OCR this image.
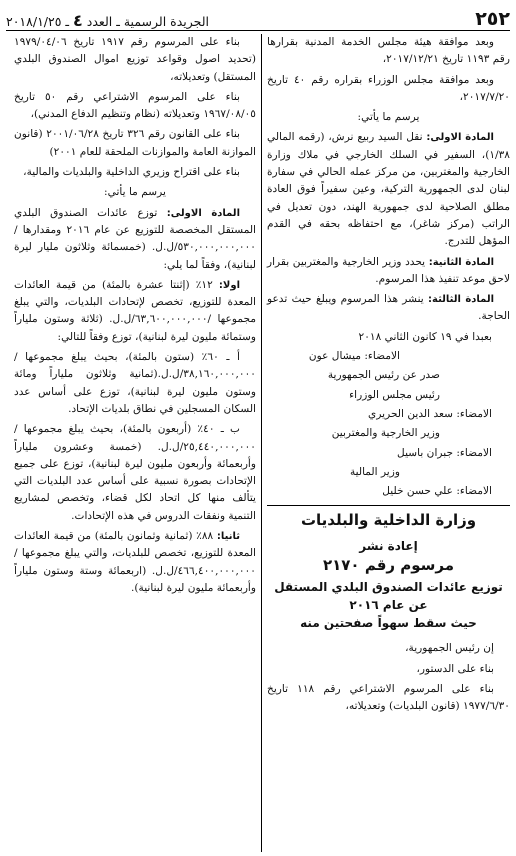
٢٥٢
الجريدة الرسمية ـ العدد ٤ ـ ٢٠١٨/١/٢٥

وبعد موافقة هيئة مجلس الخدمة المدنية بقرارها رقم ١١٩٣ تاريخ ٢٠١٧/١٢/٢١،

وبعد موافقة مجلس الوزراء بقراره رقم ٤٠ تاريخ ٢٠١٧/٧/٢٠،

يرسم ما يأتي:

المادة الاولى: نقل السيد ربيع نرش، (رقمه المالي ١/٣٨)، السفير في السلك الخارجي في ملاك وزارة الخارجية والمغتربين، من مركز عمله الحالي في سفارة لبنان لدى الجمهورية التركية، وعين سفيراً فوق العادة مطلق الصلاحية لدى جمهورية الهند، دون تعديل في الراتب (مركز شاغر)، مع احتفاظه بحقه في القدم المؤهل للتدرج.

المادة الثانية: يحدد وزير الخارجية والمغتربين بقرار لاحق موعد تنفيذ هذا المرسوم.

المادة الثالثة: ينشر هذا المرسوم ويبلغ حيث تدعو الحاجة.

بعبدا في ١٩ كانون الثاني ٢٠١٨

الامضاء: ميشال عون

صدر عن رئيس الجمهورية

رئيس مجلس الوزراء

الامضاء: سعد الدين الحريري

وزير الخارجية والمغتربين

الامضاء: جبران باسيل

وزير المالية

الامضاء: علي حسن خليل

وزارة الداخلية والبلديات
إعادة نشر
مرسوم رقم ٢١٧٠
توزيع عائدات الصندوق البلدي المستقل عن عام ٢٠١٦
حيث سقط سهواً صفحتين منه

إن رئيس الجمهورية،

بناء على الدستور،

بناء على المرسوم الاشتراعي رقم ١١٨ تاريخ ١٩٧٧/٦/٣٠ (قانون البلديات) وتعديلاته،

بناء على المرسوم رقم ١٩١٧ تاريخ ١٩٧٩/٠٤/٠٦ (تحديد اصول وقواعد توزيع اموال الصندوق البلدي المستقل) وتعديلاته،

بناء على المرسوم الاشتراعي رقم ٥٠ تاريخ ١٩٦٧/٠٨/٠٥ وتعديلاته (نظام وتنظيم الدفاع المدني)،

بناء على القانون رقم ٣٢٦ تاريخ ٢٠٠١/٠٦/٢٨ (قانون الموازنة العامة والموازنات الملحقة للعام ٢٠٠١)

بناء على اقتراح وزيري الداخلية والبلديات والمالية،

يرسم ما يأتي:

المادة الاولى: توزع عائدات الصندوق البلدي المستقل المخصصة للتوزيع عن عام ٢٠١٦ ومقدارها /٥٣٠,٠٠٠,٠٠٠,٠٠٠/ل.ل. (خمسمائة وثلاثون مليار ليرة لبنانية)، وفقاً لما يلي:

اولا: ١٢٪ (إثنتا عشرة بالمئة) من قيمة العائدات المعدة للتوزيع، تخصص لإتحادات البلديات، والتي يبلغ مجموعها /٦٣,٦٠٠,٠٠٠,٠٠٠/ل.ل. (ثلاثة وستون ملياراً وستمائة مليون ليرة لبنانية)، توزع وفقاً للتالي:

أ ـ ٦٠٪ (ستون بالمئة)، بحيث يبلغ مجموعها /٣٨,١٦٠,٠٠٠,٠٠٠/ل.ل.(ثمانية وثلاثون ملياراً ومائة وستون مليون ليرة لبنانية)، توزع على أساس عدد السكان المسجلين في نطاق بلديات الإتحاد.

ب ـ ٤٠٪ (أربعون بالمئة)، بحيث يبلغ مجموعها /٢٥,٤٤٠,٠٠٠,٠٠٠/ل.ل. (خمسة وعشرون ملياراً وأربعمائة وأربعون مليون ليرة لبنانية)، توزع على جميع الإتحادات بصورة نسبية على أساس عدد البلديات التي يتألف منها كل اتحاد لكل قضاء، وتخصص لمشاريع التنمية ونفقات الدروس في هذه الإتحادات.

ثانيا: ٨٨٪ (ثمانية وثمانون بالمئة) من قيمة العائدات المعدة للتوزيع، تخصص للبلديات، والتي يبلغ مجموعها /٤٦٦,٤٠٠,٠٠٠,٠٠٠/ل.ل. (اربعمائة وستة وستون ملياراً وأربعمائة مليون ليرة لبنانية).
